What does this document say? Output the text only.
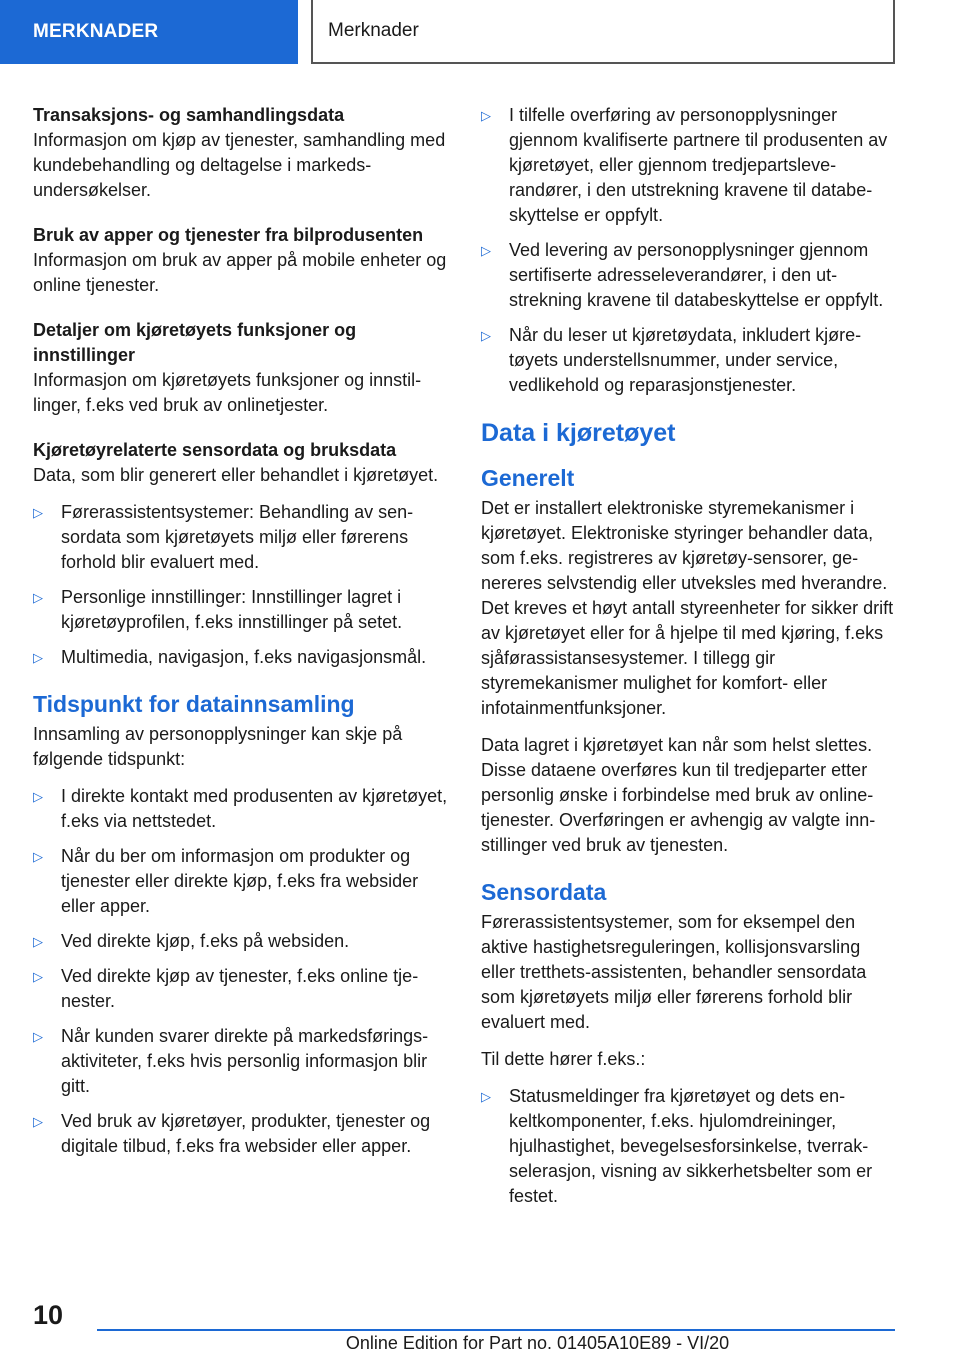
MERKNADER	Merknader

Transaksjons- og samhandlingsdata

Informasjon om kjøp av tjenester, samhandling med kundebehandling og deltagelse i markedsundersøkelser.

Bruk av apper og tjenester fra bilprodusenten

Informasjon om bruk av apper på mobile enheter og online tjenester.

Detaljer om kjøretøyets funksjoner og innstillinger

Informasjon om kjøretøyets funksjoner og innstillinger, f.eks ved bruk av onlinetjester.

Kjøretøyrelaterte sensordata og bruksdata

Data, som blir generert eller behandlet i kjøretøyet.

▷	Førerassistentsystemer: Behandling av sensordata som kjøretøyets miljø eller førerens forhold blir evaluert med.
▷	Personlige innstillinger: Innstillinger lagret i kjøretøyprofilen, f.eks innstillinger på setet.
▷	Multimedia, navigasjon, f.eks navigasjonsmål.
Tidspunkt for datainnsamling

Innsamling av personopplysninger kan skje på følgende tidspunkt:

▷	I direkte kontakt med produsenten av kjøretøyet, f.eks via nettstedet.
▷	Når du ber om informasjon om produkter og tjenester eller direkte kjøp, f.eks fra websider eller apper.
▷	Ved direkte kjøp, f.eks på websiden.
▷	Ved direkte kjøp av tjenester, f.eks online tjenester.
▷	Når kunden svarer direkte på markedsføringsaktiviteter, f.eks hvis personlig informasjon blir gitt.
▷	Ved bruk av kjøretøyer, produkter, tjenester og digitale tilbud, f.eks fra websider eller apper.
▷	I tilfelle overføring av personopplysninger gjennom kvalifiserte partnere til produsenten av kjøretøyet, eller gjennom tredjepartsleverandører, i den utstrekning kravene til databeskyttelse er oppfylt.
▷	Ved levering av personopplysninger gjennom sertifiserte adresseleverandører, i den utstrekning kravene til databeskyttelse er oppfylt.
▷	Når du leser ut kjøretøydata, inkludert kjøretøyets understellsnummer, under service, vedlikehold og reparasjonstjenester.
Data i kjøretøyet
Generelt

Det er installert elektroniske styremekanismer i kjøretøyet. Elektroniske styringer behandler data, som f.eks. registreres av kjøretøy-sensorer, genereres selvstendig eller utveksles med hverandre. Det kreves et høyt antall styreenheter for sikker drift av kjøretøyet eller for å hjelpe til med kjøring, f.eks sjåførassistansesystemer. I tillegg gir styremekanismer mulighet for komfort- eller infotainmentfunksjoner.

Data lagret i kjøretøyet kan når som helst slettes. Disse dataene overføres kun til tredjeparter etter personlig ønske i forbindelse med bruk av onlinetjenester. Overføringen er avhengig av valgte innstillinger ved bruk av tjenesten.

Sensordata

Førerassistentsystemer, som for eksempel den aktive hastighetsreguleringen, kollisjonsvarsling eller tretthets-assistenten, behandler sensordata som kjøretøyets miljø eller førerens forhold blir evaluert med.

Til dette hører f.eks.:

▷	Statusmeldinger fra kjøretøyet og dets enkeltkomponenter, f.eks. hjulomdreininger, hjulhastighet, bevegelsesforsinkelse, tverrakselerasjon, visning av sikkerhetsbelter som er festet.
10
Online Edition for Part no. 01405A10E89 - VI/20
